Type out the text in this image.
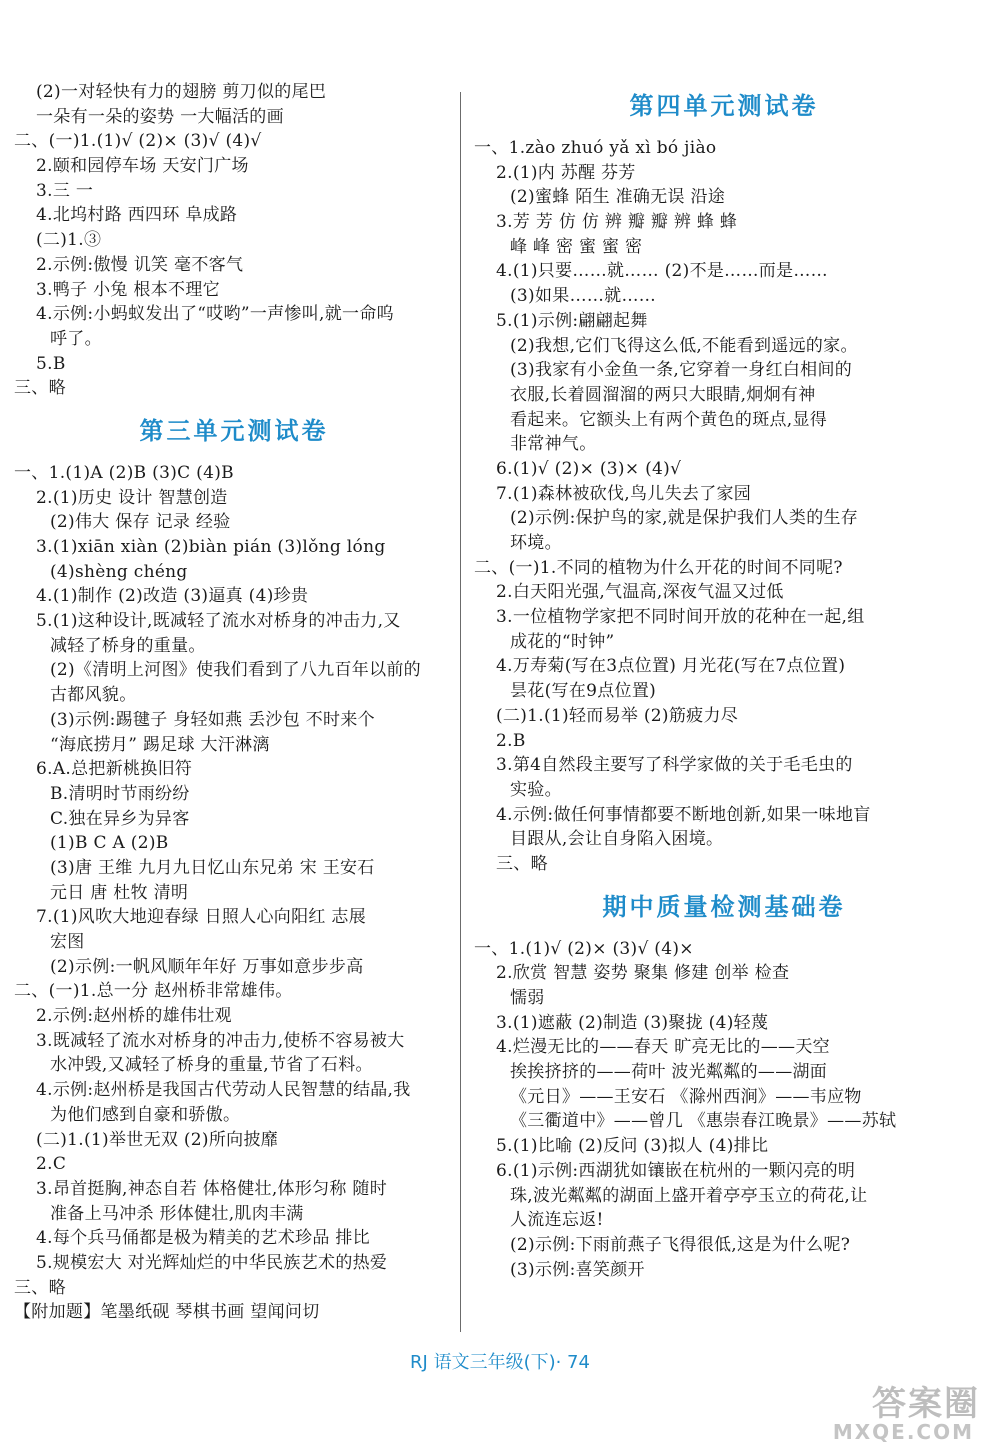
(2)一对轻快有力的翅膀 剪刀似的尾巴
一朵有一朵的姿势 一大幅活的画
二、(一)1.(1)√ (2)× (3)√ (4)√
2.颐和园停车场 天安门广场
3.三 一
4.北坞村路 西四环 阜成路
(二)1.③
2.示例:傲慢 讥笑 毫不客气
3.鸭子 小兔 根本不理它
4.示例:小蚂蚁发出了“哎哟”一声惨叫,就一命呜
呼了。
5.B
三、略
第三单元测试卷
一、1.(1)A (2)B (3)C (4)B
2.(1)历史 设计 智慧创造
(2)伟大 保存 记录 经验
3.(1)xiān xiàn (2)biàn pián (3)lǒng lóng
(4)shèng chéng
4.(1)制作 (2)改造 (3)逼真 (4)珍贵
5.(1)这种设计,既减轻了流水对桥身的冲击力,又
减轻了桥身的重量。
(2)《清明上河图》使我们看到了八九百年以前的
古都风貌。
(3)示例:踢毽子 身轻如燕 丢沙包 不时来个
“海底捞月” 踢足球 大汗淋漓
6.A.总把新桃换旧符
B.清明时节雨纷纷
C.独在异乡为异客
(1)B C A (2)B
(3)唐 王维 九月九日忆山东兄弟 宋 王安石
元日 唐 杜牧 清明
7.(1)风吹大地迎春绿 日照人心向阳红 志展
宏图
(2)示例:一帆风顺年年好 万事如意步步高
二、(一)1.总一分 赵州桥非常雄伟。
2.示例:赵州桥的雄伟壮观
3.既减轻了流水对桥身的冲击力,使桥不容易被大
水冲毁,又减轻了桥身的重量,节省了石料。
4.示例:赵州桥是我国古代劳动人民智慧的结晶,我
为他们感到自豪和骄傲。
(二)1.(1)举世无双 (2)所向披靡
2.C
3.昂首挺胸,神态自若 体格健壮,体形匀称 随时
准备上马冲杀 形体健壮,肌肉丰满
4.每个兵马俑都是极为精美的艺术珍品 排比
5.规模宏大 对光辉灿烂的中华民族艺术的热爱
三、略
【附加题】笔墨纸砚 琴棋书画 望闻问切
第四单元测试卷
一、1.zào zhuó yǎ xì bó jiào
2.(1)内 苏醒 芬芳
(2)蜜蜂 陌生 准确无误 沿途
3.芳 芳 仿 仿 辨 瓣 瓣 辨 蜂 蜂
峰 峰 密 蜜 蜜 密
4.(1)只要……就…… (2)不是……而是……
(3)如果……就……
5.(1)示例:翩翩起舞
(2)我想,它们飞得这么低,不能看到遥远的家。
(3)我家有小金鱼一条,它穿着一身红白相间的
衣服,长着圆溜溜的两只大眼睛,炯炯有神
看起来。它额头上有两个黄色的斑点,显得
非常神气。
6.(1)√ (2)× (3)× (4)√
7.(1)森林被砍伐,鸟儿失去了家园
(2)示例:保护鸟的家,就是保护我们人类的生存
环境。
二、(一)1.不同的植物为什么开花的时间不同呢?
2.白天阳光强,气温高,深夜气温又过低
3.一位植物学家把不同时间开放的花种在一起,组
成花的“时钟”
4.万寿菊(写在3点位置) 月光花(写在7点位置)
昙花(写在9点位置)
(二)1.(1)轻而易举 (2)筋疲力尽
2.B
3.第4自然段主要写了科学家做的关于毛毛虫的
实验。
4.示例:做任何事情都要不断地创新,如果一味地盲
目跟从,会让自身陷入困境。
三、略
期中质量检测基础卷
一、1.(1)√ (2)× (3)√ (4)×
2.欣赏 智慧 姿势 聚集 修建 创举 检查
懦弱
3.(1)遮蔽 (2)制造 (3)聚拢 (4)轻蔑
4.烂漫无比的——春天 旷亮无比的——天空
挨挨挤挤的——荷叶 波光粼粼的——湖面
《元日》——王安石 《滁州西涧》——韦应物
《三衢道中》——曾几 《惠崇春江晚景》——苏轼
5.(1)比喻 (2)反问 (3)拟人 (4)排比
6.(1)示例:西湖犹如镶嵌在杭州的一颗闪亮的明
珠,波光粼粼的湖面上盛开着亭亭玉立的荷花,让
人流连忘返!
(2)示例:下雨前燕子飞得很低,这是为什么呢?
(3)示例:喜笑颜开
RJ 语文三年级(下)· 74
答案圈
MXQE.COM
